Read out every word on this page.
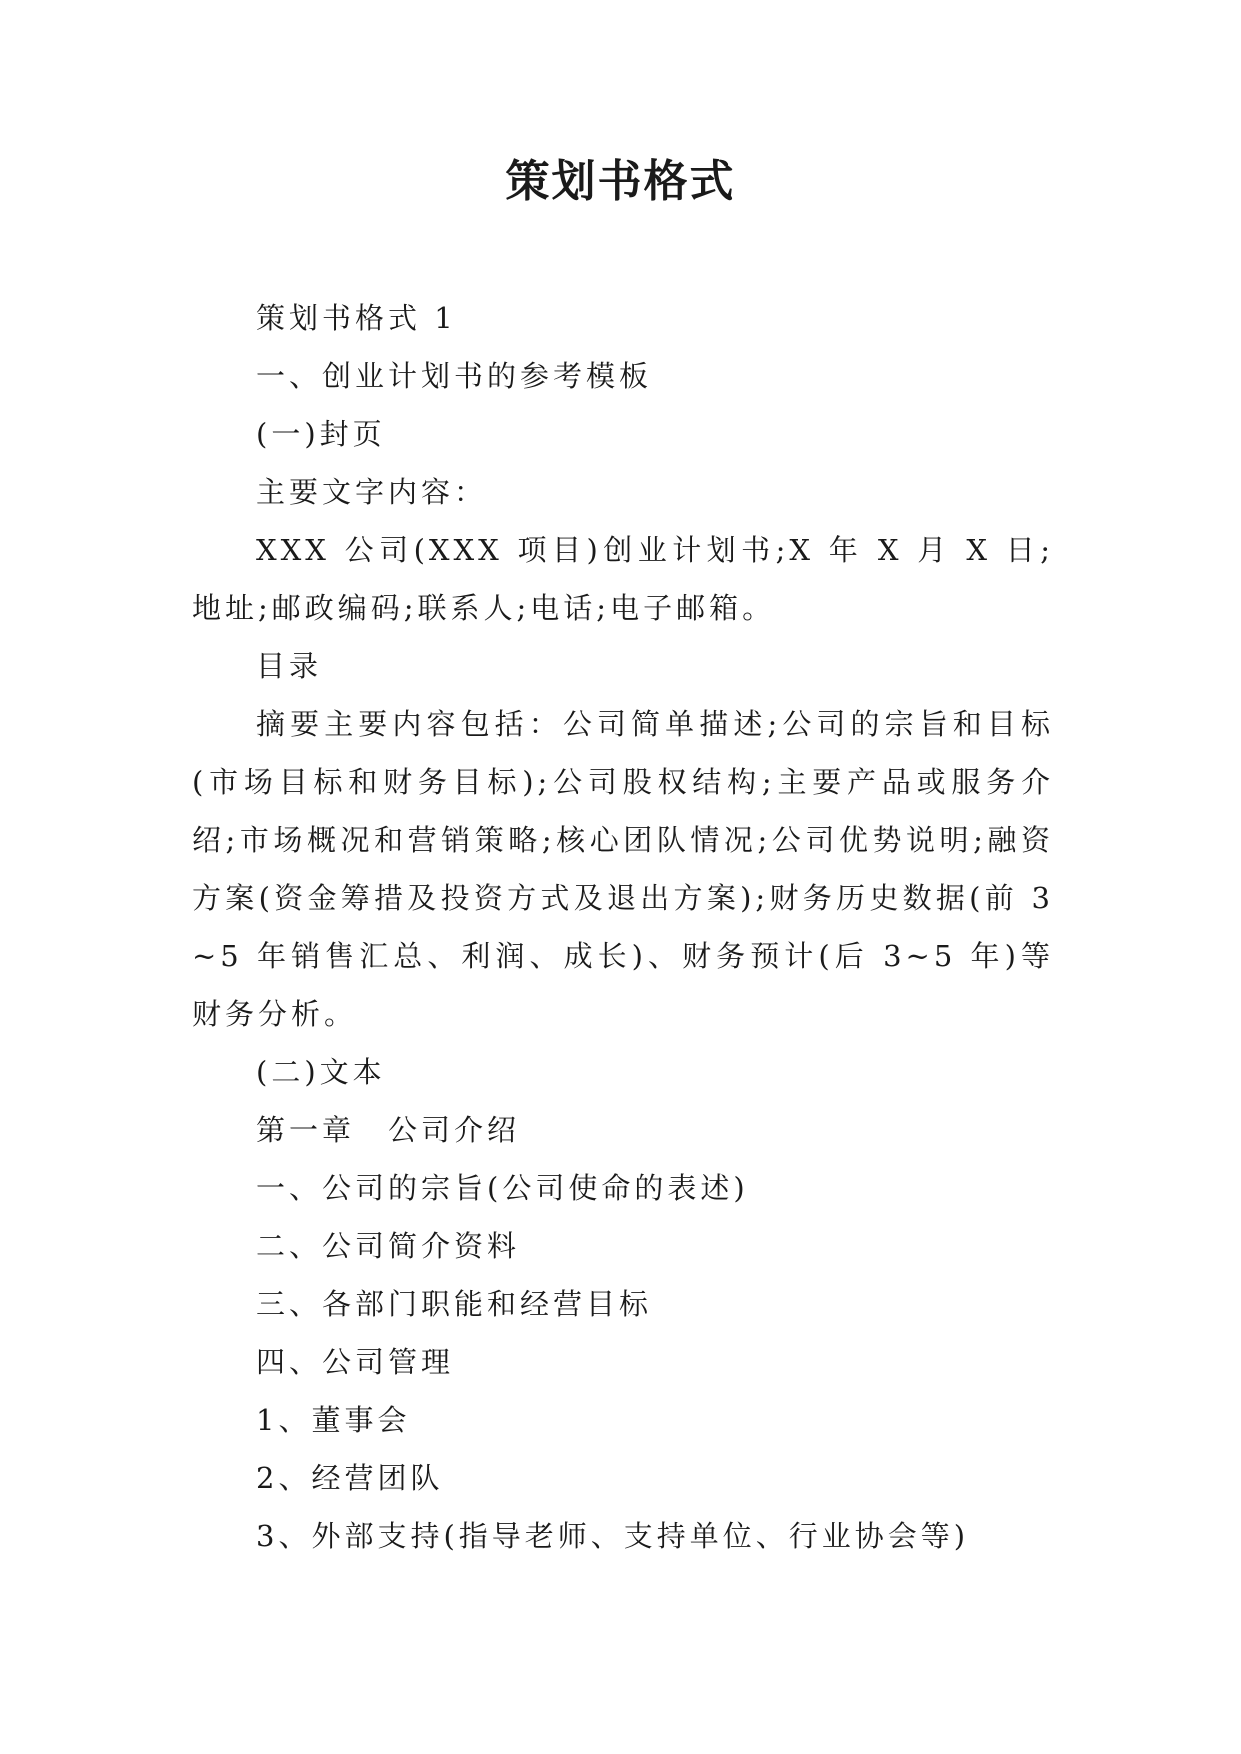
策划书格式

策划书格式 1

一、创业计划书的参考模板

(一)封页

主要文字内容：

XXX 公司(XXX 项目)创业计划书;X 年 X 月 X 日;地址;邮政编码;联系人;电话;电子邮箱。

目录

摘要主要内容包括：公司简单描述;公司的宗旨和目标(市场目标和财务目标);公司股权结构;主要产品或服务介绍;市场概况和营销策略;核心团队情况;公司优势说明;融资方案(资金筹措及投资方式及退出方案);财务历史数据(前 3~5 年销售汇总、利润、成长)、财务预计(后 3~5 年)等财务分析。

(二)文本

第一章　公司介绍

一、公司的宗旨(公司使命的表述)

二、公司简介资料

三、各部门职能和经营目标

四、公司管理

1、董事会

2、经营团队

3、外部支持(指导老师、支持单位、行业协会等)
